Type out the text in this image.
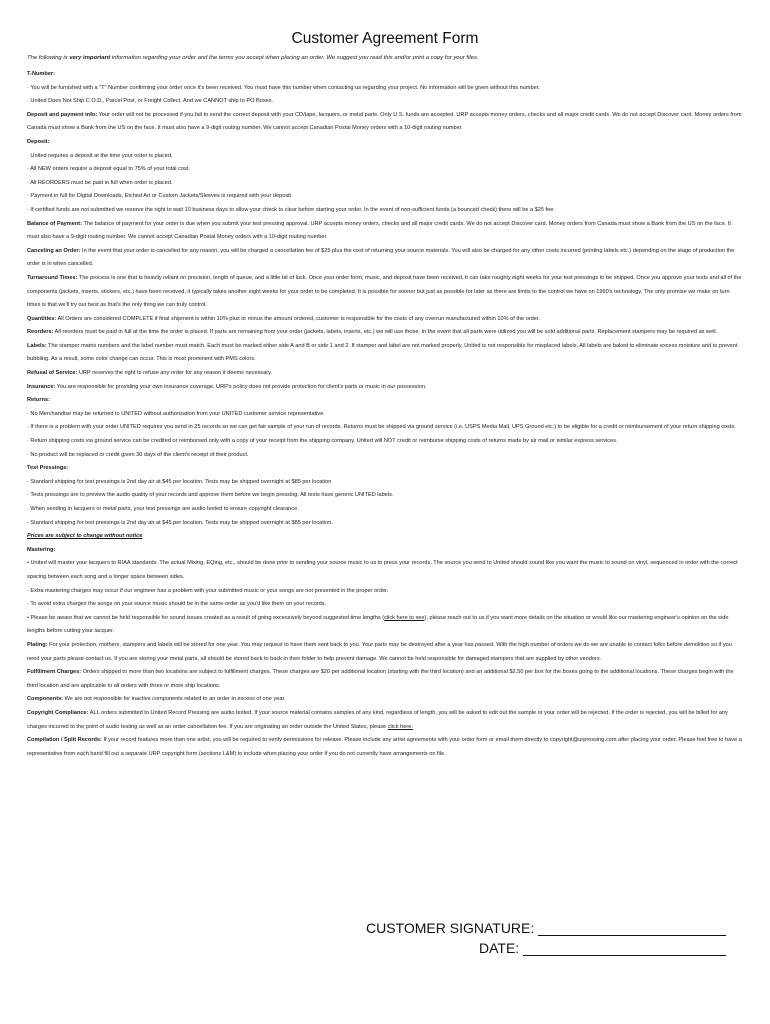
Customer Agreement Form

The following is very important information regarding your order and the terms you accept when placing an order. We suggest you read this and/or print a copy for your files.

T-Number:

· You will be furnished with a "T" Number confirming your order once it's been received. You must have this number when contacting us regarding your project. No information will be given without this number.

· United Does Not Ship C.O.D., Parcel Post, or Freight Collect. And we CANNOT ship to PO Boxes.

Deposit and payment info: Your order will not be processed if you fail to send the correct deposit with your CD/tape, lacquers, or metal parts. Only U.S. funds are accepted. URP accepts money orders, checks and all major credit cards. We do not accept Discover card. Money orders from Canada must show a Bank from the US on the face. It must also have a 9-digit routing number. We cannot accept Canadian Postal Money orders with a 10-digit routing number.

Deposit:

· United requires a deposit at the time your order is placed.

· All NEW orders require a deposit equal to 75% of your total cost.

· All REORDERS must be paid in full when order is placed.

· Payment in full for Digital Downloads, Etched Art or Custom Jackets/Sleeves is required with your deposit

· If certified funds are not submitted we reserve the right to wait 10 business days to allow your check to clear before starting your order. In the event of non-sufficient funds (a bounced check) there will be a $25 fee.

Balance of Payment: The balance of payment for your order is due when you submit your test pressing approval. URP accepts money orders, checks and all major credit cards. We do not accept Discover card. Money orders from Canada must show a Bank from the US on the face. It must also have a 9-digit routing number. We cannot accept Canadian Postal Money orders with a 10-digit routing number.

Canceling an Order: In the event that your order is cancelled for any reason, you will be charged a cancellation fee of $25 plus the cost of returning your source materials. You will also be charged for any other costs incurred (printing labels etc.) depending on the stage of production the order is in when cancelled.

Turnaround Times: The process is one that is heavily reliant on precision, length of queue, and a little bit of luck. Once your order form, music, and deposit have been received, it can take roughly eight weeks for your test pressings to be shipped. Once you approve your tests and all of the components (jackets, inserts, stickers, etc.) have been received, it typically takes another eight weeks for your order to be completed. It is possible for sooner but just as possible for later as there are limits to the control we have on 1960's technology. The only promise we make on turn times is that we'll try our best as that's the only thing we can truly control.

Quantities: All Orders are considered COMPLETE if final shipment is within 10% plus or minus the amount ordered, customer is responsible for the costs of any overrun manufactured within 10% of the order.

Reorders: All reorders must be paid in full at the time the order is placed. If parts are remaining from your order (jackets, labels, inserts, etc.) we will use those. In the event that all parts were utilized you will be sold additional parts. Replacement stampers may be required as well.

Labels: The stamper matrix numbers and the label number must match. Each must be marked either side A and B or side 1 and 2. If stamper and label are not marked properly, United is not responsible for misplaced labels. All labels are baked to eliminate excess moisture and to prevent bubbling. As a result, some color change can occur. This is most prominent with PMS colors.

Refusal of Service: URP reserves the right to refuse any order for any reason it deems necessary.

Insurance: You are responsible for providing your own insurance coverage, URP's policy does not provide protection for client's parts or music in our possession.

Returns:

· No Merchandise may be returned to UNITED without authorization from your UNITED customer service representative.

· If there is a problem with your order UNITED requires you send in 25 records so we can get fair sample of your run of records. Returns must be shipped via ground service (i.e. USPS Media Mail, UPS Ground etc.) to be eligible for a credit or reimbursement of your return shipping costs.

· Return shipping costs via ground service can be credited or reimbursed only with a copy of your receipt from the shipping company. United will NOT credit or reimburse shipping costs of returns made by air mail or similar express services.

· No product will be replaced or credit given 30 days of the client's receipt of their product.

Test Pressings:

· Standard shipping for test pressings is 2nd day air at $45 per location. Tests may be shipped overnight at $85 per location

· Tests pressings are to preview the audio quality of your records and approve them before we begin pressing. All tests have generic UNITED labels.

· When sending in lacquers or metal parts, your test pressings are audio tested to ensure copyright clearance.

· Standard shipping for test pressings is 2nd day air at $45 per location. Tests may be shipped overnight at $85 per location.

Prices are subject to change without notice

Mastering:

• United will master your lacquers to RIAA standards. The actual Mixing, EQing, etc., should be done prior to sending your source music to us to press your records. The source you send to United should sound like you want the music to sound on vinyl, sequenced in order with the correct spacing between each song and a longer space between sides.

· Extra mastering charges may occur if our engineer has a problem with your submitted music or your songs are not presented in the proper order.

· To avoid extra charges the songs on your source music should be in the same order as you'd like them on your records.

• Please be aware that we cannot be held responsible for sound issues created as a result of going excessively beyond suggested time lengths (click here to see), please reach out to us if you want more details on the situation or would like our mastering engineer's opinion on the side lengths before cutting your lacquer.

Plating: For your protection, mothers, stampers and labels will be stored for one year. You may request to have them sent back to you. Your parts may be destroyed after a year has passed. With the high number of orders we do we are unable to contact folks before demolition so if you need your parts please contact us. If you are storing your metal parts, all should be stored back to back in their folder to help prevent damage. We cannot be held responsible for damaged stampers that are supplied by other vendors.

Fulfillment Charges: Orders shipped to more than two locations are subject to fulfillment charges. These charges are $20 per additional location (starting with the third location) and an additional $2.50 per box for the boxes going to the additional locations. These charges begin with the third location and are applicable to all orders with three or more ship locations.

Components: We are not responsible for inactive components related to an order in excess of one year.

Copyright Compliance: ALL orders submitted to United Record Pressing are audio tested. If your source material contains samples of any kind, regardless of length, you will be asked to edit out the sample or your order will be rejected. If the order is rejected, you will be billed for any charges incurred to the point of audio testing as well as an order cancellation fee. If you are originating an order outside the United States, please click here.

Compilation / Split Records: If your record features more than one artist, you will be required to verify permissions for release. Please include any artist agreements with your order form or email them directly to copyright@urpressing.com after placing your order. Please feel free to have a representative from each band fill out a separate URP copyright form (sections L&M) to include when placing your order if you do not currently have arrangements on file.

CUSTOMER SIGNATURE:
DATE:
